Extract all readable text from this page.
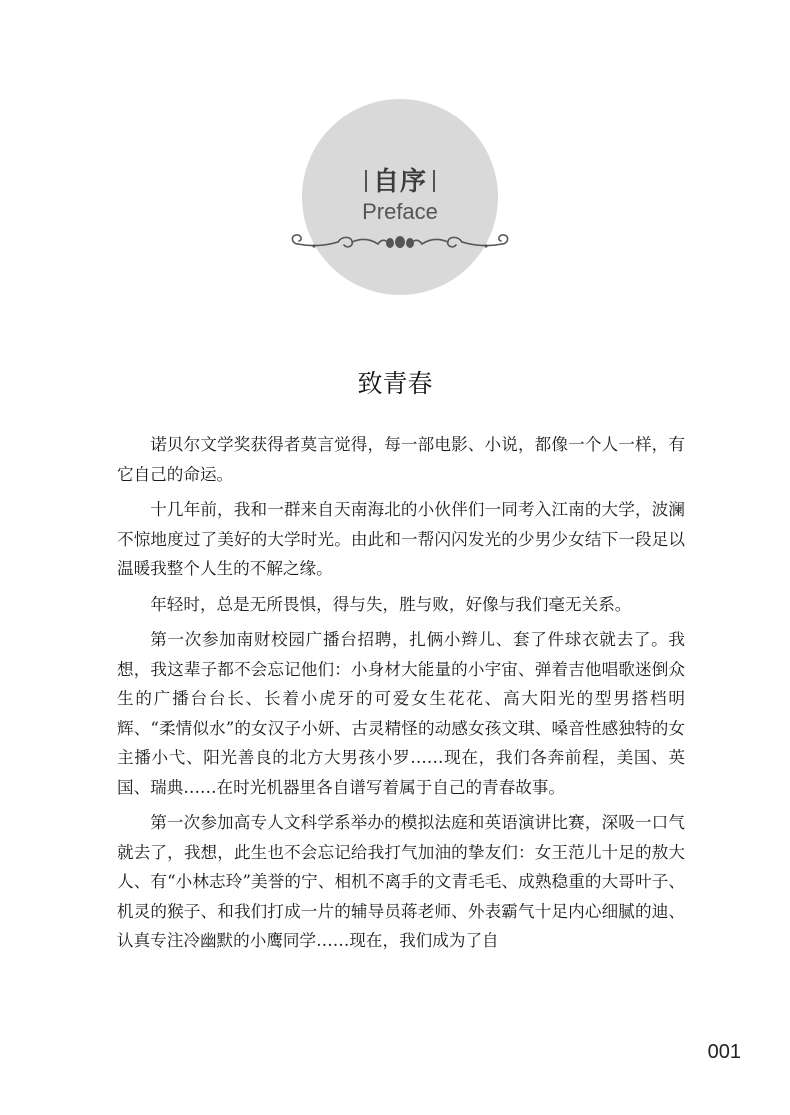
自序
Preface
致青春

诺贝尔文学奖获得者莫言觉得，每一部电影、小说，都像一个人一样，有它自己的命运。

十几年前，我和一群来自天南海北的小伙伴们一同考入江南的大学，波澜不惊地度过了美好的大学时光。由此和一帮闪闪发光的少男少女结下一段足以温暖我整个人生的不解之缘。

年轻时，总是无所畏惧，得与失，胜与败，好像与我们毫无关系。

第一次参加南财校园广播台招聘，扎俩小辫儿、套了件球衣就去了。我想，我这辈子都不会忘记他们：小身材大能量的小宇宙、弹着吉他唱歌迷倒众生的广播台台长、长着小虎牙的可爱女生花花、高大阳光的型男搭档明辉、“柔情似水”的女汉子小妍、古灵精怪的动感女孩文琪、嗓音性感独特的女主播小弋、阳光善良的北方大男孩小罗……现在，我们各奔前程，美国、英国、瑞典……在时光机器里各自谱写着属于自己的青春故事。

第一次参加高专人文科学系举办的模拟法庭和英语演讲比赛，深吸一口气就去了，我想，此生也不会忘记给我打气加油的挚友们：女王范儿十足的敖大人、有“小林志玲”美誉的宁、相机不离手的文青毛毛、成熟稳重的大哥叶子、机灵的猴子、和我们打成一片的辅导员蒋老师、外表霸气十足内心细腻的迪、认真专注冷幽默的小鹰同学……现在，我们成为了自

001
